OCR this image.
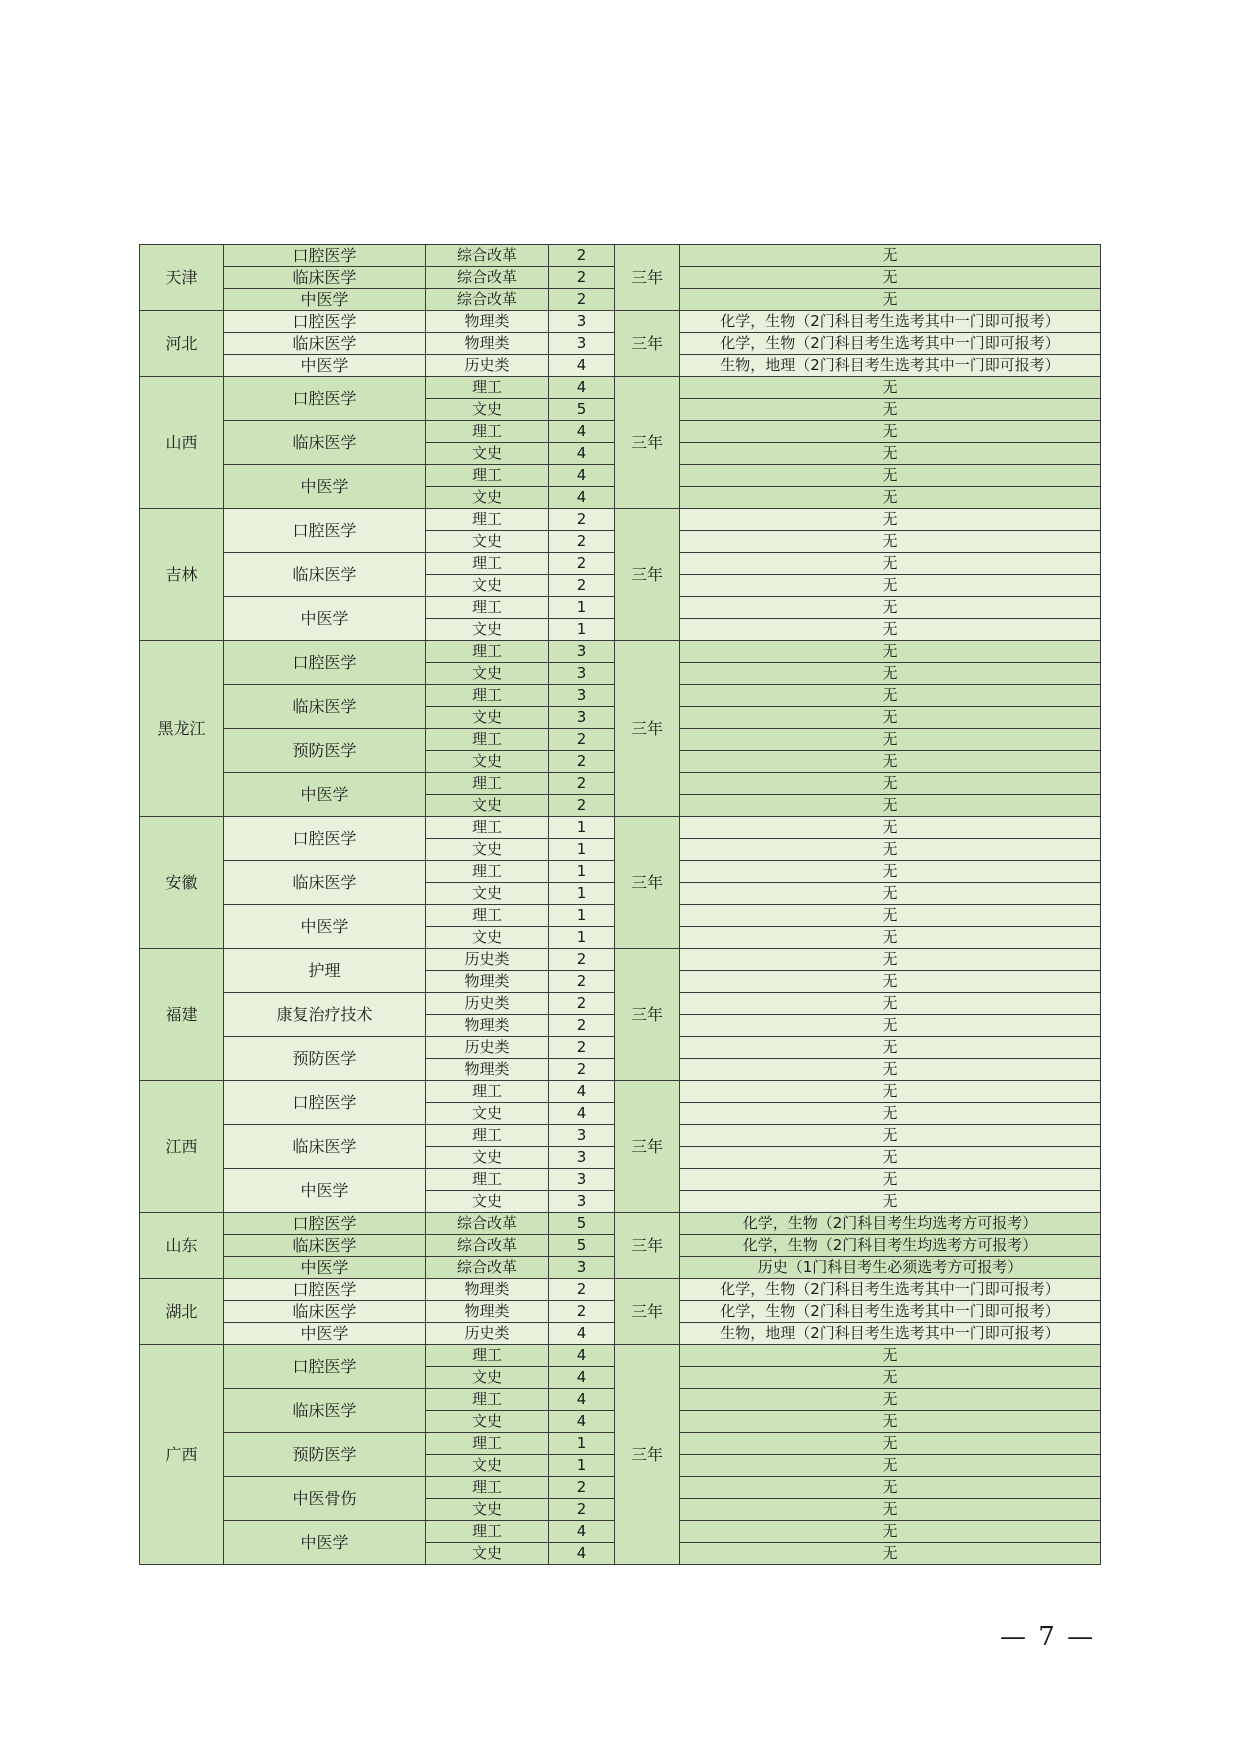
天津	口腔医学	综合改革	2	三年	无
	临床医学	综合改革	2		无
	中医学	综合改革	2		无
河北	口腔医学	物理类	3	三年	化学，生物（2门科目考生选考其中一门即可报考）
	临床医学	物理类	3		化学，生物（2门科目考生选考其中一门即可报考）
	中医学	历史类	4		生物，地理（2门科目考生选考其中一门即可报考）
山西	口腔医学	理工	4	三年	无
		文史	5		无
	临床医学	理工	4		无
		文史	4		无
	中医学	理工	4		无
		文史	4		无
吉林	口腔医学	理工	2	三年	无
		文史	2		无
	临床医学	理工	2		无
		文史	2		无
	中医学	理工	1		无
		文史	1		无
黑龙江	口腔医学	理工	3	三年	无
		文史	3		无
	临床医学	理工	3		无
		文史	3		无
	预防医学	理工	2		无
		文史	2		无
	中医学	理工	2		无
		文史	2		无
安徽	口腔医学	理工	1	三年	无
		文史	1		无
	临床医学	理工	1		无
		文史	1		无
	中医学	理工	1		无
		文史	1		无
福建	护理	历史类	2	三年	无
		物理类	2		无
	康复治疗技术	历史类	2		无
		物理类	2		无
	预防医学	历史类	2		无
		物理类	2		无
江西	口腔医学	理工	4	三年	无
		文史	4		无
	临床医学	理工	3		无
		文史	3		无
	中医学	理工	3		无
		文史	3		无
山东	口腔医学	综合改革	5	三年	化学，生物（2门科目考生均选考方可报考）
	临床医学	综合改革	5		化学，生物（2门科目考生均选考方可报考）
	中医学	综合改革	3		历史（1门科目考生必须选考方可报考）
湖北	口腔医学	物理类	2	三年	化学，生物（2门科目考生选考其中一门即可报考）
	临床医学	物理类	2		化学，生物（2门科目考生选考其中一门即可报考）
	中医学	历史类	4		生物，地理（2门科目考生选考其中一门即可报考）
广西	口腔医学	理工	4	三年	无
		文史	4		无
	临床医学	理工	4		无
		文史	4		无
	预防医学	理工	1		无
		文史	1		无
	中医骨伤	理工	2		无
		文史	2		无
	中医学	理工	4		无
		文史	4		无
— 7 —
